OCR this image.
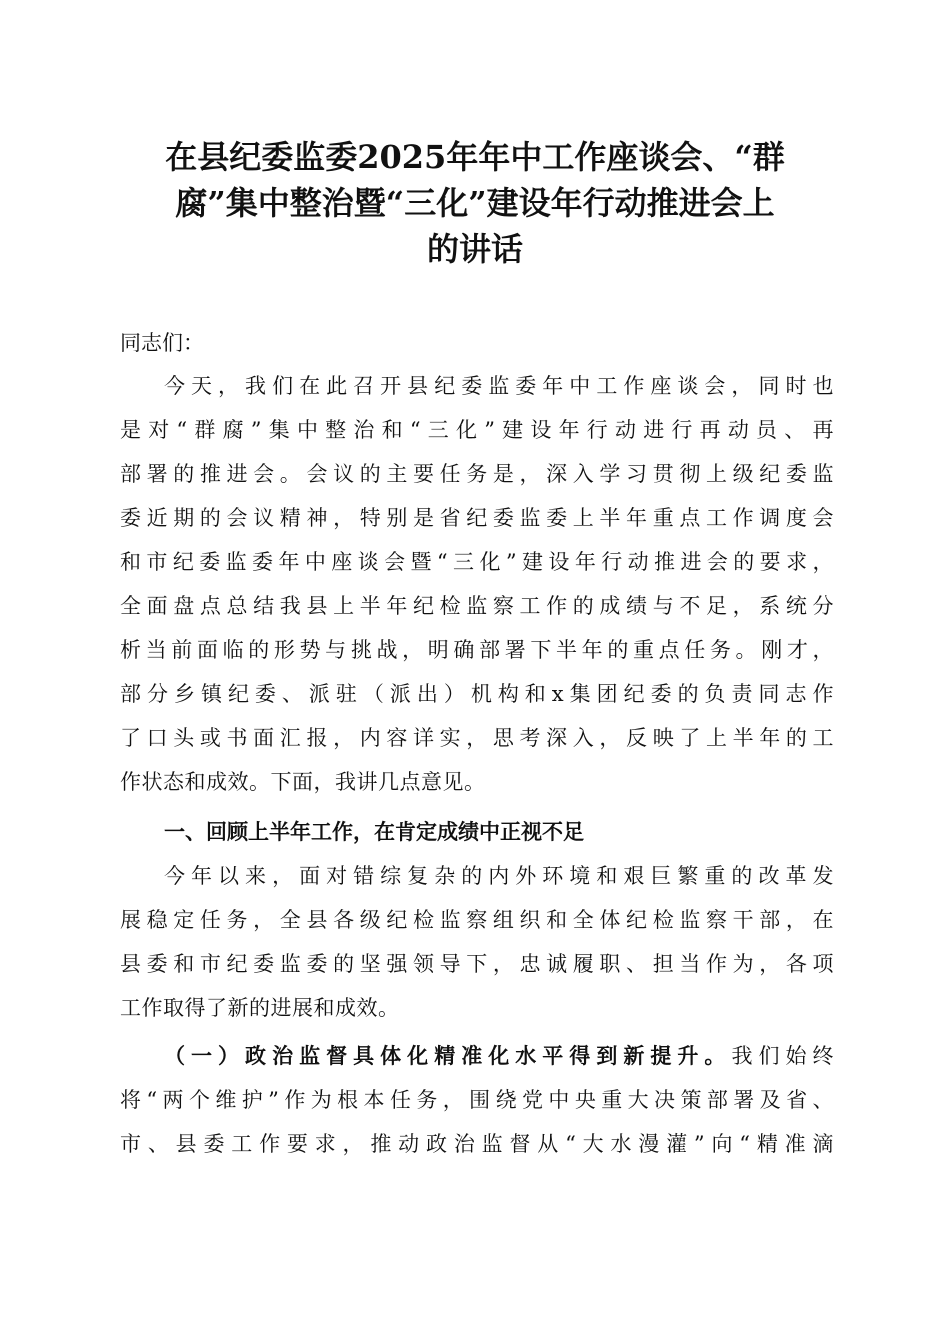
在县纪委监委2025年年中工作座谈会、“群
腐”集中整治暨“三化”建设年行动推进会上
的讲话

同志们：

今天，我们在此召开县纪委监委年中工作座谈会，同时也
是对“群腐”集中整治和“三化”建设年行动进行再动员、再
部署的推进会。会议的主要任务是，深入学习贯彻上级纪委监
委近期的会议精神，特别是省纪委监委上半年重点工作调度会
和市纪委监委年中座谈会暨“三化”建设年行动推进会的要求，
全面盘点总结我县上半年纪检监察工作的成绩与不足，系统分
析当前面临的形势与挑战，明确部署下半年的重点任务。刚才，
部分乡镇纪委、派驻（派出）机构和x集团纪委的负责同志作
了口头或书面汇报，内容详实，思考深入，反映了上半年的工
作状态和成效。下面，我讲几点意见。
一、回顾上半年工作，在肯定成绩中正视不足
今年以来，面对错综复杂的内外环境和艰巨繁重的改革发
展稳定任务，全县各级纪检监察组织和全体纪检监察干部，在
县委和市纪委监委的坚强领导下，忠诚履职、担当作为，各项
工作取得了新的进展和成效。
（一）政治监督具体化精准化水平得到新提升。我们始终
将“两个维护”作为根本任务，围绕党中央重大决策部署及省、
市、县委工作要求，推动政治监督从“大水漫灌”向“精准滴
